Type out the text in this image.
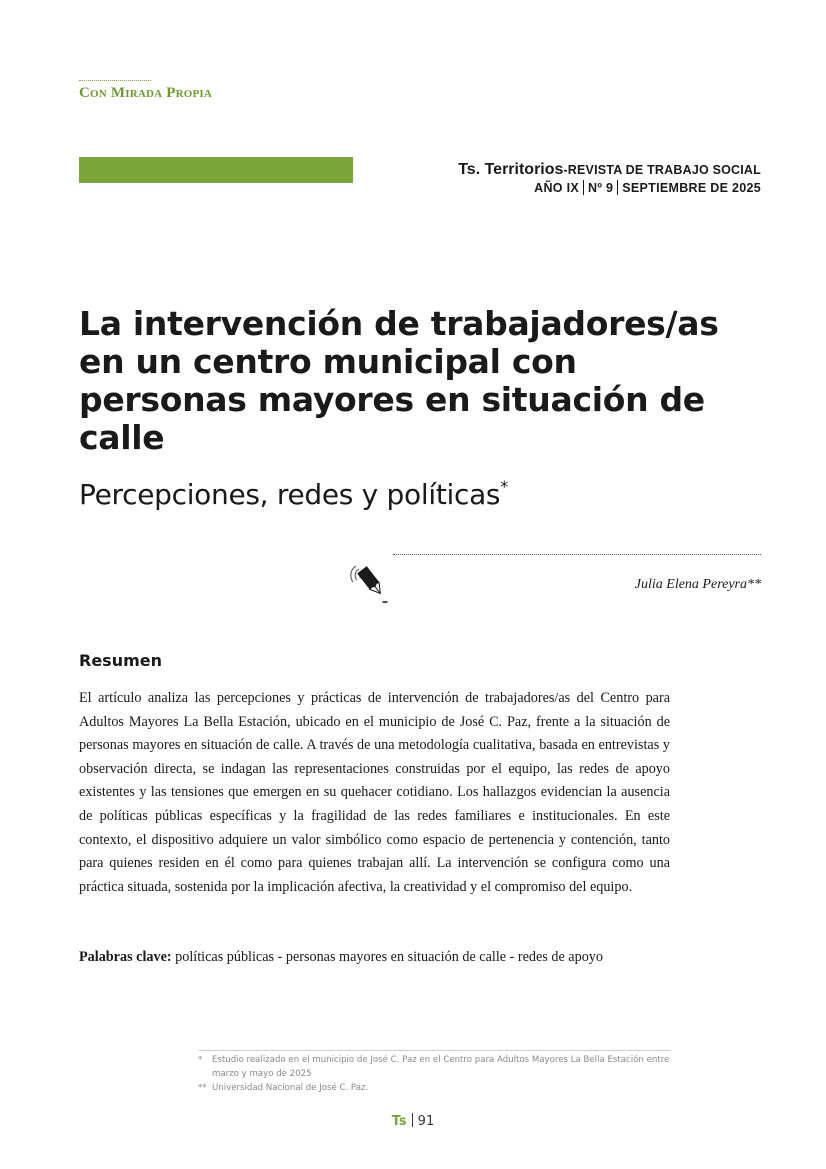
Con Mirada Propia
Ts. Territorios-REVISTA DE TRABAJO SOCIAL
AÑO IX Nº 9 SEPTIEMBRE DE 2025
La intervención de trabajadores/as en un centro municipal con personas mayores en situación de calle
Percepciones, redes y políticas*
Julia Elena Pereyra**
Resumen

El artículo analiza las percepciones y prácticas de intervención de trabajadores/as del Centro para Adultos Mayores La Bella Estación, ubicado en el municipio de José C. Paz, frente a la situación de personas mayores en situación de calle. A través de una metodología cualitativa, basada en entrevistas y observación directa, se indagan las representaciones construidas por el equipo, las redes de apoyo existentes y las tensiones que emergen en su quehacer cotidiano. Los hallazgos evidencian la ausencia de políticas públicas específicas y la fragilidad de las redes familiares e institucionales. En este contexto, el dispositivo adquiere un valor simbólico como espacio de pertenencia y contención, tanto para quienes residen en él como para quienes trabajan allí. La intervención se configura como una práctica situada, sostenida por la implicación afectiva, la creatividad y el compromiso del equipo.

Palabras clave: políticas públicas - personas mayores en situación de calle - redes de apoyo

*	Estudio realizado en el municipio de José C. Paz en el Centro para Adultos Mayores La Bella Estación entre marzo y mayo de 2025
** Universidad Nacional de José C. Paz.
Ts 91
